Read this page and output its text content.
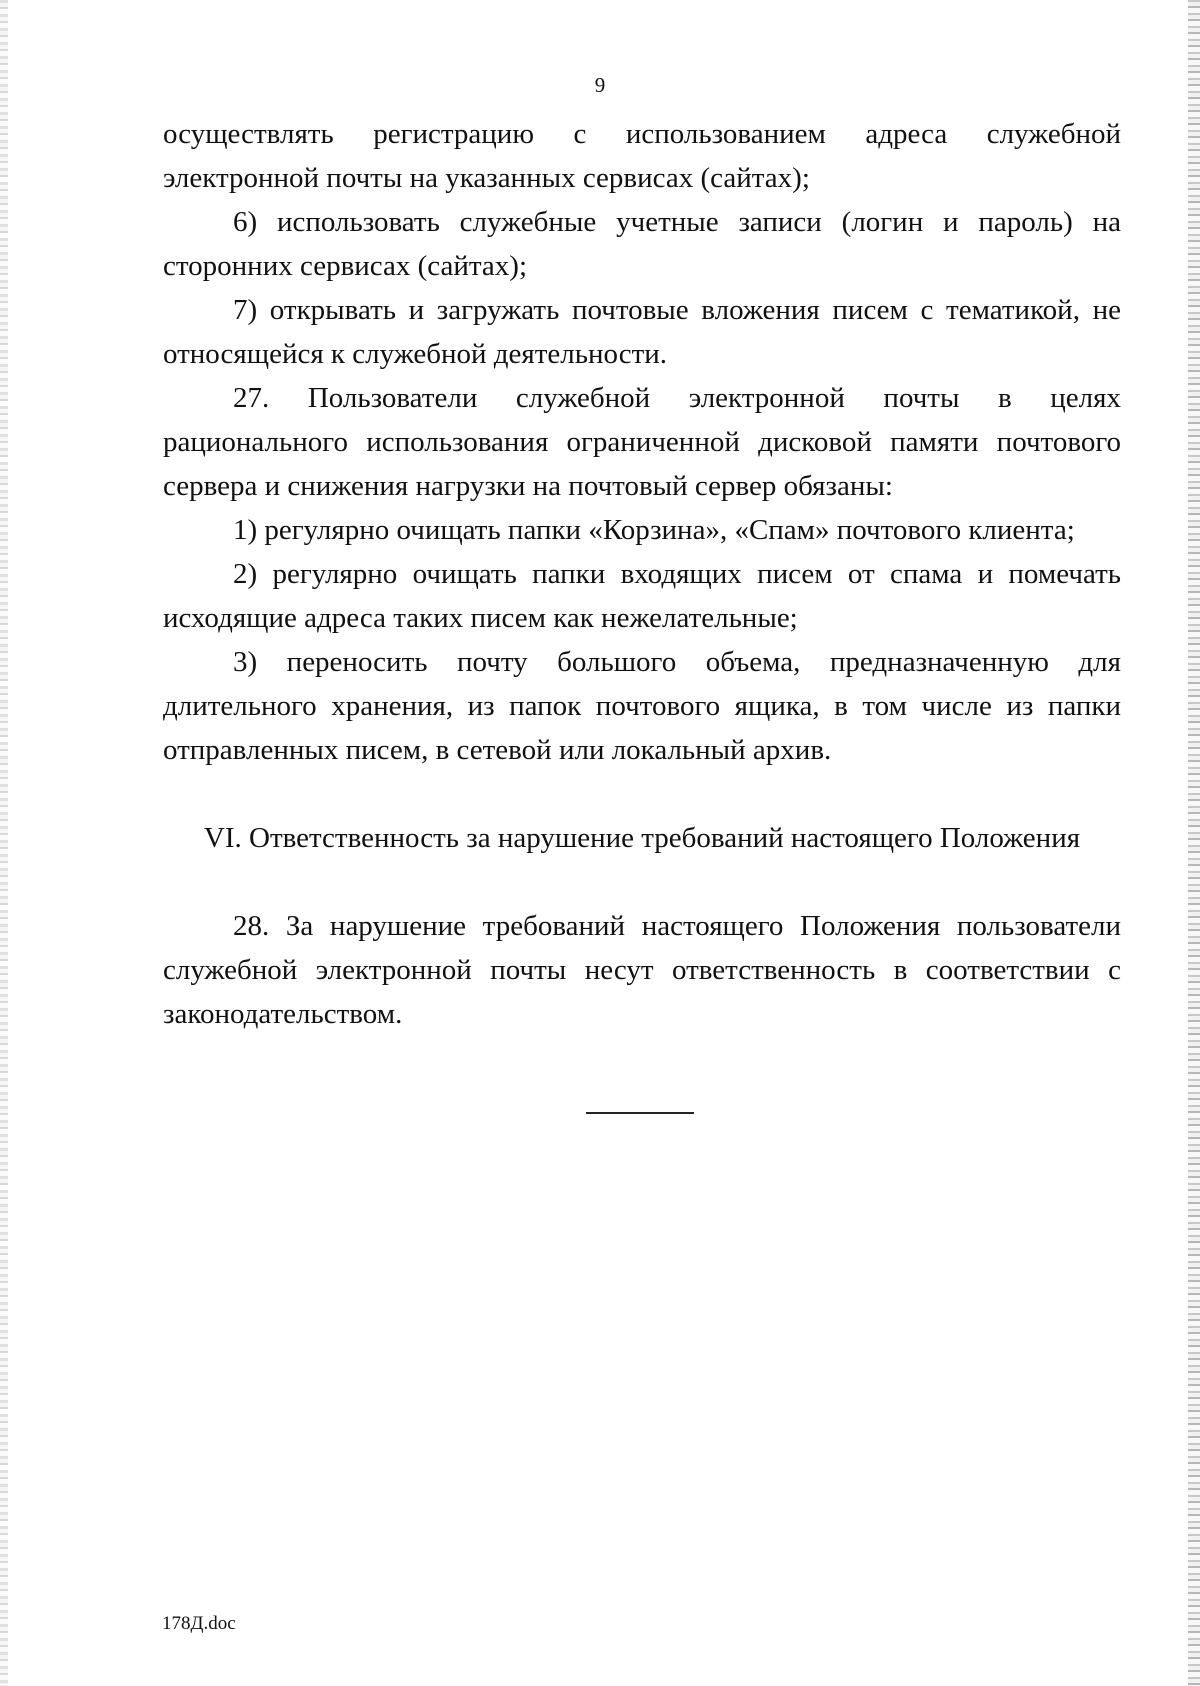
9

осуществлять регистрацию с использованием адреса служебной электронной почты на указанных сервисах (сайтах);

6) использовать служебные учетные записи (логин и пароль) на сторонних сервисах (сайтах);

7) открывать и загружать почтовые вложения писем с тематикой, не относящейся к служебной деятельности.

27. Пользователи служебной электронной почты в целях рационального использования ограниченной дисковой памяти почтового сервера и снижения нагрузки на почтовый сервер обязаны:

1) регулярно очищать папки «Корзина», «Спам» почтового клиента;

2) регулярно очищать папки входящих писем от спама и помечать исходящие адреса таких писем как нежелательные;

3) переносить почту большого объема, предназначенную для длительного хранения, из папок почтового ящика, в том числе из папки отправленных писем, в сетевой или локальный архив.

VI. Ответственность за нарушение требований настоящего Положения

28. За нарушение требований настоящего Положения пользователи служебной электронной почты несут ответственность в соответствии с законодательством.

178Д.doc
